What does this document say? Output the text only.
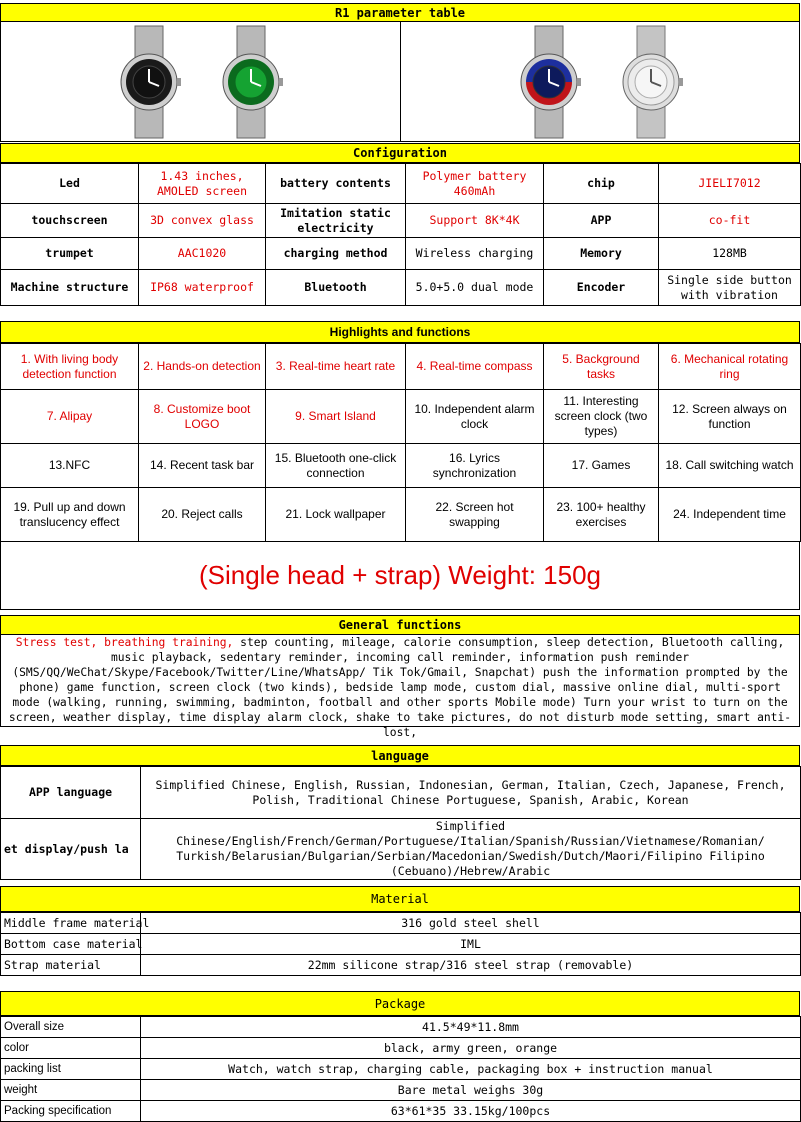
R1 parameter table
Configuration
Led	1.43 inches, AMOLED screen	battery contents	Polymer battery 460mAh	chip	JIELI7012
touchscreen	3D convex glass	Imitation static electricity	Support 8K*4K	APP	co-fit
trumpet	AAC1020	charging method	Wireless charging	Memory	128MB
Machine structure	IP68 waterproof	Bluetooth	5.0+5.0 dual mode	Encoder	Single side button with vibration
Highlights and functions
1. With living body detection function	2. Hands-on detection	3. Real-time heart rate	4. Real-time compass	5. Background tasks	6. Mechanical rotating ring
7. Alipay	8. Customize boot LOGO	9. Smart Island	10. Independent alarm clock	11. Interesting screen clock (two types)	12. Screen always on function
13.NFC	14. Recent task bar	15. Bluetooth one-click connection	16. Lyrics synchronization	17. Games	18. Call switching watch
19. Pull up and down translucency effect	20. Reject calls	21. Lock wallpaper	22. Screen hot swapping	23. 100+ healthy exercises	24. Independent time
(Single head + strap) Weight: 150g
General functions
Stress test, breathing training, step counting, mileage, calorie consumption, sleep detection, Bluetooth calling, music playback, sedentary reminder, incoming call reminder, information push reminder (SMS/QQ/WeChat/Skype/Facebook/Twitter/Line/WhatsApp/ Tik Tok/Gmail, Snapchat) push the information prompted by the phone) game function, screen clock (two kinds), bedside lamp mode, custom dial, massive online dial, multi-sport mode (walking, running, swimming, badminton, football and other sports Mobile mode) Turn your wrist to turn on the screen, weather display, time display alarm clock, shake to take pictures, do not disturb mode setting, smart anti-lost,
language
APP language	Simplified Chinese, English, Russian, Indonesian, German, Italian, Czech, Japanese, French, Polish, Traditional Chinese Portuguese, Spanish, Arabic, Korean
et display/push la	Simplified Chinese/English/French/German/Portuguese/Italian/Spanish/Russian/Vietnamese/Romanian/ Turkish/Belarusian/Bulgarian/Serbian/Macedonian/Swedish/Dutch/Maori/Filipino Filipino (Cebuano)/Hebrew/Arabic
Material
Middle frame material	316 gold steel shell
Bottom case material	IML
Strap material	22mm silicone strap/316 steel strap (removable)
Package
Overall size	41.5*49*11.8mm
color	black, army green, orange
packing list	Watch, watch strap, charging cable, packaging box + instruction manual
weight	Bare metal weighs 30g
Packing specification	63*61*35 33.15kg/100pcs
